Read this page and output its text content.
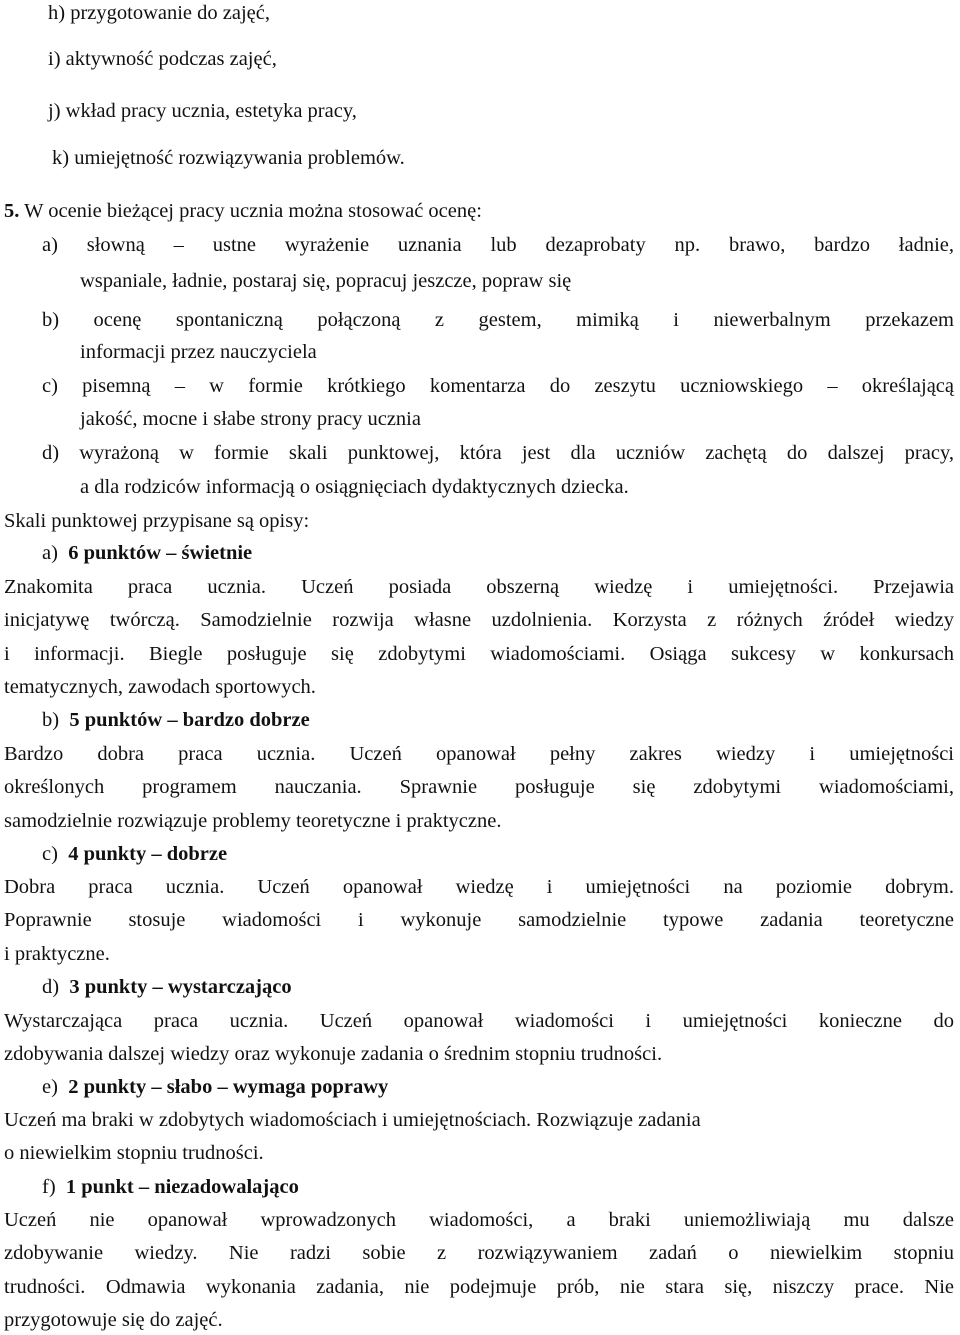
h) przygotowanie do zajęć,
i) aktywność podczas zajęć,
j) wkład pracy ucznia, estetyka pracy,
k) umiejętność rozwiązywania problemów.
5. W ocenie bieżącej pracy ucznia można stosować ocenę:
a) słowną – ustne wyrażenie uznania lub dezaprobaty np. brawo, bardzo ładnie,
wspaniale, ładnie, postaraj się, popracuj jeszcze, popraw się
b) ocenę spontaniczną połączoną z gestem, mimiką i niewerbalnym przekazem
informacji przez nauczyciela
c) pisemną – w formie krótkiego komentarza do zeszytu uczniowskiego – określającą
jakość, mocne i słabe strony pracy ucznia
d) wyrażoną w formie skali punktowej, która jest dla uczniów zachętą do dalszej pracy,
a dla rodziców informacją o osiągnięciach dydaktycznych dziecka.
Skali punktowej przypisane są opisy:
a) 6 punktów – świetnie
Znakomita praca ucznia. Uczeń posiada obszerną wiedzę i umiejętności. Przejawia
inicjatywę twórczą. Samodzielnie rozwija własne uzdolnienia. Korzysta z różnych źródeł wiedzy
i informacji. Biegle posługuje się zdobytymi wiadomościami. Osiąga sukcesy w konkursach
tematycznych, zawodach sportowych.
b) 5 punktów – bardzo dobrze
Bardzo dobra praca ucznia. Uczeń opanował pełny zakres wiedzy i umiejętności
określonych programem nauczania. Sprawnie posługuje się zdobytymi wiadomościami,
samodzielnie rozwiązuje problemy teoretyczne i praktyczne.
c) 4 punkty – dobrze
Dobra praca ucznia. Uczeń opanował wiedzę i umiejętności na poziomie dobrym.
Poprawnie stosuje wiadomości i wykonuje samodzielnie typowe zadania teoretyczne
i praktyczne.
d) 3 punkty – wystarczająco
Wystarczająca praca ucznia. Uczeń opanował wiadomości i umiejętności konieczne do
zdobywania dalszej wiedzy oraz wykonuje zadania o średnim stopniu trudności.
e) 2 punkty – słabo – wymaga poprawy
Uczeń ma braki w zdobytych wiadomościach i umiejętnościach. Rozwiązuje zadania
o niewielkim stopniu trudności.
f) 1 punkt – niezadowalająco
Uczeń nie opanował wprowadzonych wiadomości, a braki uniemożliwiają mu dalsze
zdobywanie wiedzy. Nie radzi sobie z rozwiązywaniem zadań o niewielkim stopniu
trudności. Odmawia wykonania zadania, nie podejmuje prób, nie stara się, niszczy prace. Nie
przygotowuje się do zajęć.
